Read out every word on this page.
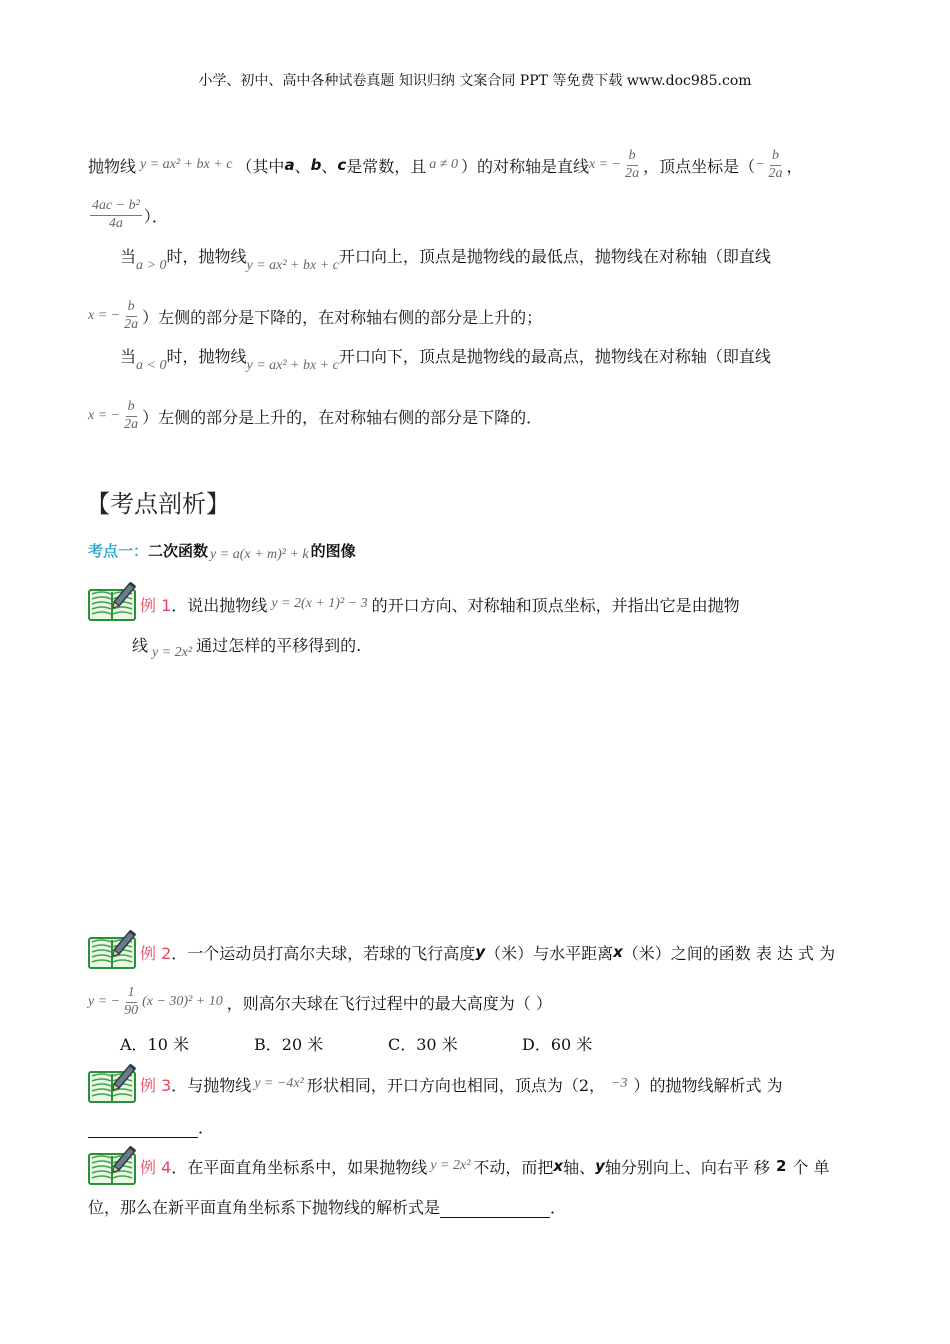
小学、初中、高中各种试卷真题 知识归纳 文案合同 PPT 等免费下载 www.doc985.com
抛物线 y = ax² + bx + c （其中 a 、 b 、 c 是常数，且 a ≠ 0 ）的对称轴是直线 x = − $\frac{b}{2a}$ ，顶点坐标是（ − $\frac{b}{2a}$ ，
$\frac{\text{4ac − b²}}{4a}$ ）．
当 a > 0 时，抛物线 y = ax² + bx + c 开口向上，顶点是抛物线的最低点，抛物线在对称轴（即直线
x = − $\frac{b}{2a}$ ）左侧的部分是下降的，在对称轴右侧的部分是上升的；
当 a < 0 时，抛物线 y = ax² + bx + c 开口向下，顶点是抛物线的最高点，抛物线在对称轴（即直线
x = − $\frac{b}{2a}$ ）左侧的部分是上升的，在对称轴右侧的部分是下降的．
【考点剖析】
考点一： 二次函数 y = a(x + m)² + k 的图像
例 1 ． 说出抛物线 y = 2(x + 1)² − 3 的开口方向、对称轴和顶点坐标，并指出它是由抛物
线 y = 2x² 通过怎样的平移得到的.
例 2 ． 一个运动员打高尔夫球，若球的飞行高度 y （米）与水平距离 x （米）之间的函数 表 达 式 为
y = − $\frac{1}{90} (x - 30)^2 + 10$ ，则高尔夫球在飞行过程中的最大高度为（ ）
A．10 米	B．20 米	C．30 米	D．60 米
例 3 ． 与抛物线 y = −4x² 形状相同，开口方向也相同，顶点为（2， −3 ）的抛物线解析式 为
．
例 4 ． 在平面直角坐标系中，如果抛物线 y = 2x² 不动，而把 x 轴、 y 轴分别向上、向右平 移 2 个 单
位，那么在新平面直角坐标系下抛物线的解析式是	．
